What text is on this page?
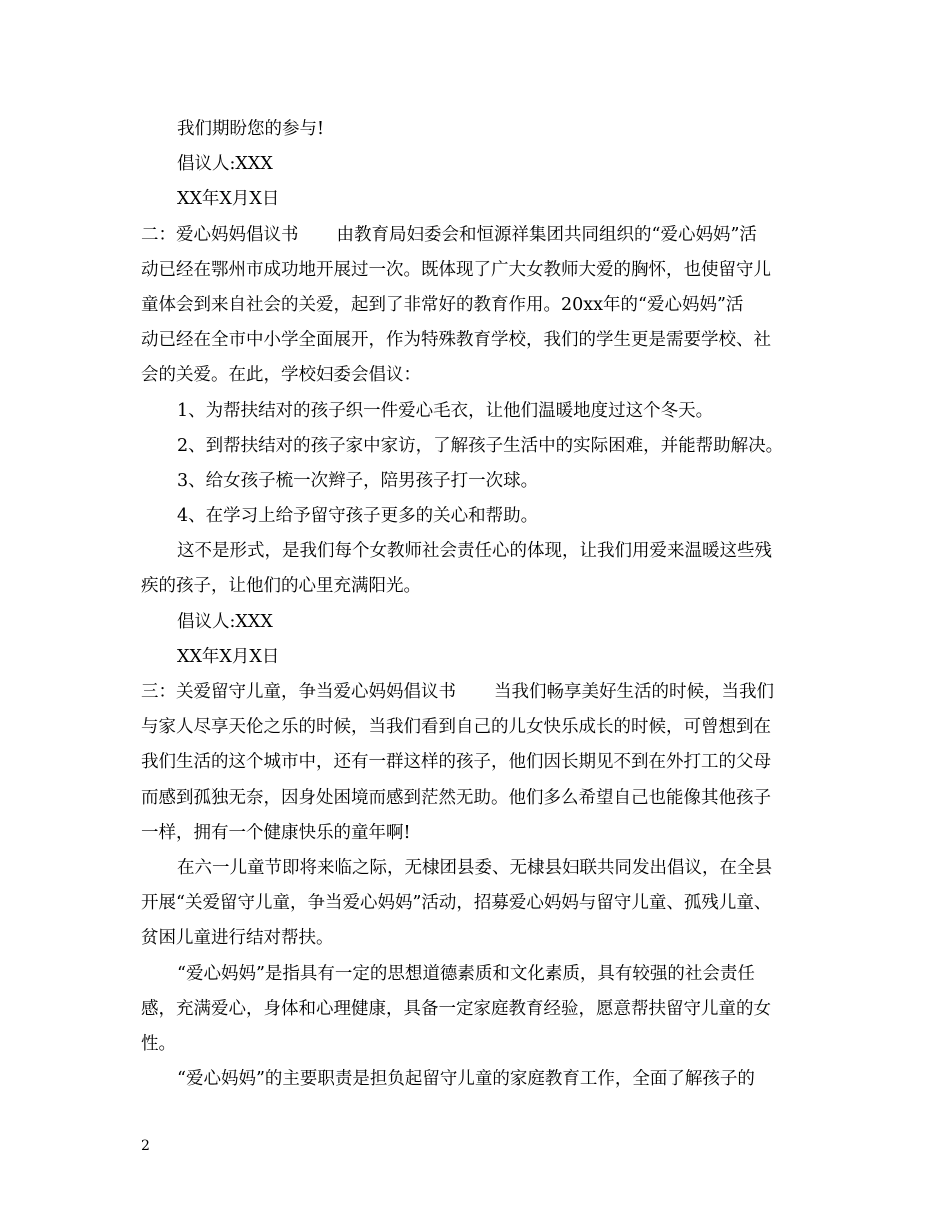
我们期盼您的参与!
倡议人:XXX
XX年X月X日
二：爱心妈妈倡议书 由教育局妇委会和恒源祥集团共同组织的“爱心妈妈”活
动已经在鄂州市成功地开展过一次。既体现了广大女教师大爱的胸怀，也使留守儿
童体会到来自社会的关爱，起到了非常好的教育作用。20xx年的“爱心妈妈”活
动已经在全市中小学全面展开，作为特殊教育学校，我们的学生更是需要学校、社
会的关爱。在此，学校妇委会倡议：
1、为帮扶结对的孩子织一件爱心毛衣，让他们温暖地度过这个冬天。
2、到帮扶结对的孩子家中家访，了解孩子生活中的实际困难，并能帮助解决。
3、给女孩子梳一次辫子，陪男孩子打一次球。
4、在学习上给予留守孩子更多的关心和帮助。
这不是形式，是我们每个女教师社会责任心的体现，让我们用爱来温暖这些残
疾的孩子，让他们的心里充满阳光。
倡议人:XXX
XX年X月X日
三：关爱留守儿童，争当爱心妈妈倡议书 当我们畅享美好生活的时候，当我们
与家人尽享天伦之乐的时候，当我们看到自己的儿女快乐成长的时候，可曾想到在
我们生活的这个城市中，还有一群这样的孩子，他们因长期见不到在外打工的父母
而感到孤独无奈，因身处困境而感到茫然无助。他们多么希望自己也能像其他孩子
一样，拥有一个健康快乐的童年啊!
在六一儿童节即将来临之际，无棣团县委、无棣县妇联共同发出倡议，在全县
开展“关爱留守儿童，争当爱心妈妈”活动，招募爱心妈妈与留守儿童、孤残儿童、
贫困儿童进行结对帮扶。
“爱心妈妈”是指具有一定的思想道德素质和文化素质，具有较强的社会责任
感，充满爱心，身体和心理健康，具备一定家庭教育经验，愿意帮扶留守儿童的女
性。
“爱心妈妈”的主要职责是担负起留守儿童的家庭教育工作，全面了解孩子的
2
